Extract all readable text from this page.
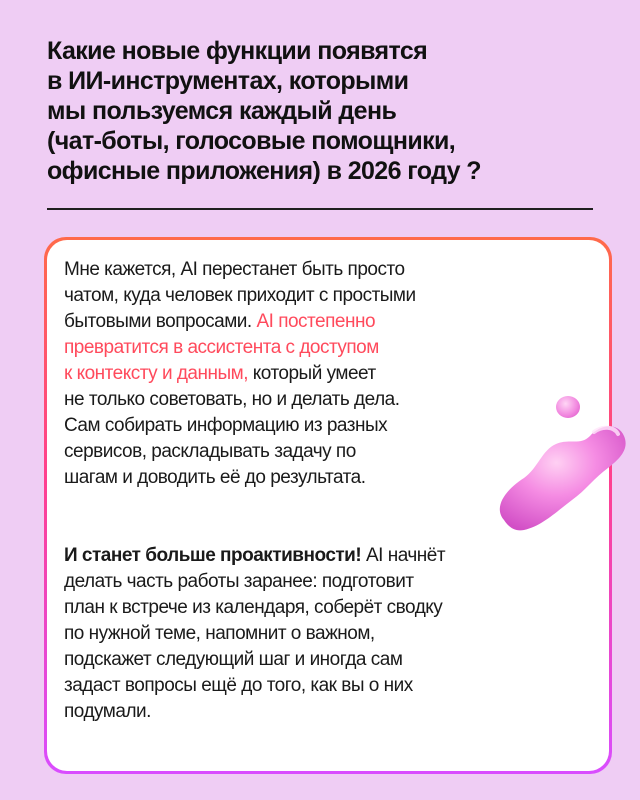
Какие новые функции появятся
в ИИ-инструментах, которыми
мы пользуемся каждый день
(чат-боты, голосовые помощники,
офисные приложения) в 2026 году ?
Мне кажется, AI перестанет быть просто
чатом, куда человек приходит с простыми
бытовыми вопросами. AI постепенно
превратится в ассистента с доступом
к контексту и данным, который умеет
не только советовать, но и делать дела.
Сам собирать информацию из разных
сервисов, раскладывать задачу по
шагам и доводить её до результата.
И станет больше проактивности! AI начнёт
делать часть работы заранее: подготовит
план к встрече из календаря, соберёт сводку
по нужной теме, напомнит о важном,
подскажет следующий шаг и иногда сам
задаст вопросы ещё до того, как вы о них
подумали.
